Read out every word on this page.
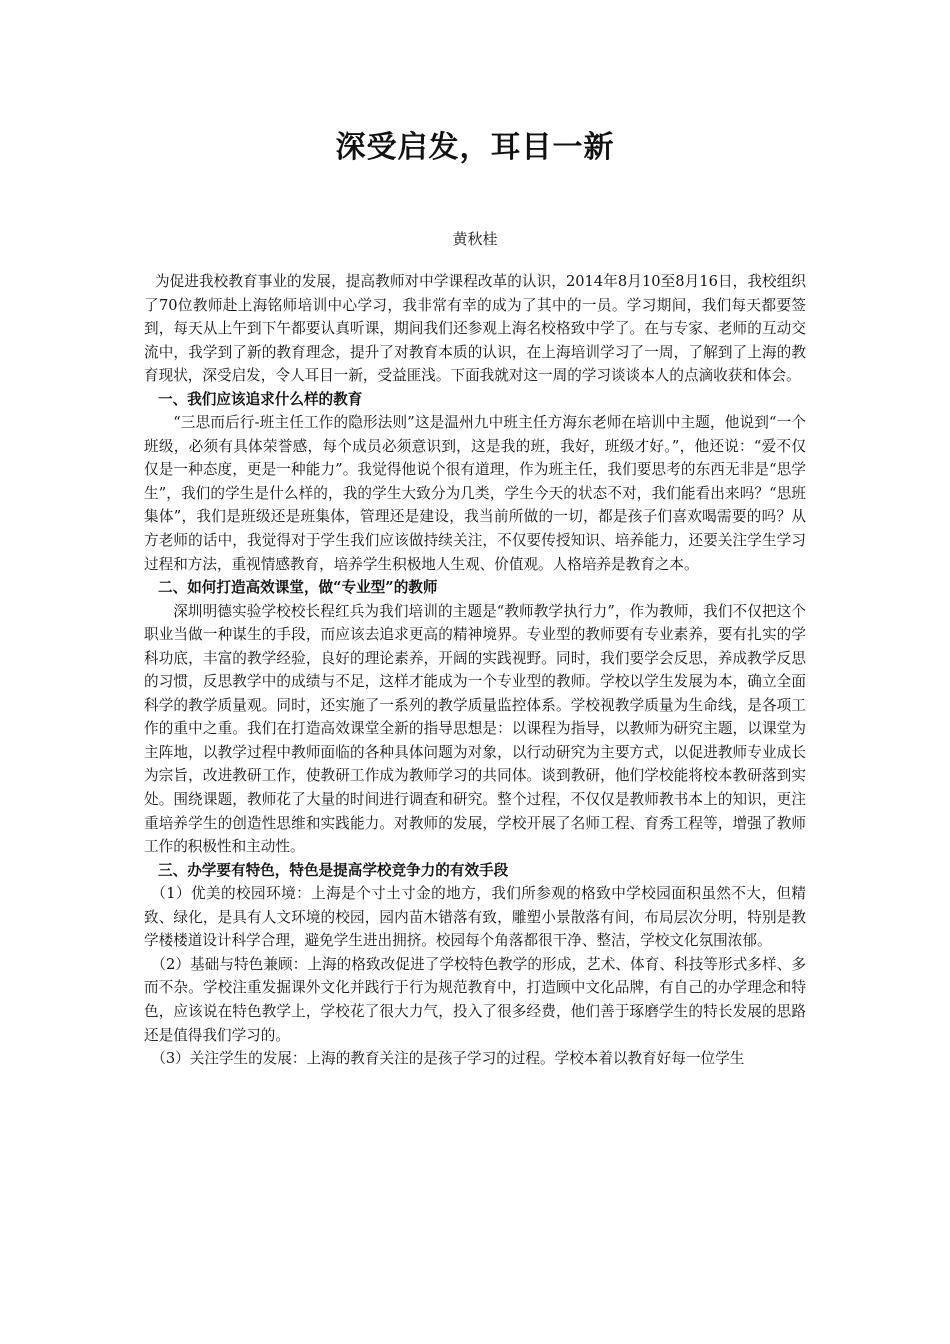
深受启发，耳目一新

黄秋桂

为促进我校教育事业的发展，提高教师对中学课程改革的认识，2014年8月10至8月16日，我校组织了70位教师赴上海铭师培训中心学习，我非常有幸的成为了其中的一员。学习期间，我们每天都要签到，每天从上午到下午都要认真听课，期间我们还参观上海名校格致中学了。在与专家、老师的互动交流中，我学到了新的教育理念，提升了对教育本质的认识，在上海培训学习了一周，了解到了上海的教育现状，深受启发，令人耳目一新，受益匪浅。下面我就对这一周的学习谈谈本人的点滴收获和体会。

一、我们应该追求什么样的教育

“三思而后行-班主任工作的隐形法则”这是温州九中班主任方海东老师在培训中主题，他说到“一个班级，必须有具体荣誉感，每个成员必须意识到，这是我的班，我好，班级才好。”，他还说：“爱不仅仅是一种态度，更是一种能力”。我觉得他说个很有道理，作为班主任，我们要思考的东西无非是“思学生”，我们的学生是什么样的，我的学生大致分为几类，学生今天的状态不对，我们能看出来吗？“思班集体”，我们是班级还是班集体，管理还是建设，我当前所做的一切，都是孩子们喜欢喝需要的吗？从方老师的话中，我觉得对于学生我们应该做持续关注，不仅要传授知识、培养能力，还要关注学生学习过程和方法，重视情感教育，培养学生积极地人生观、价值观。人格培养是教育之本。

二、如何打造高效课堂，做“专业型”的教师

深圳明德实验学校校长程红兵为我们培训的主题是“教师教学执行力”，作为教师，我们不仅把这个职业当做一种谋生的手段，而应该去追求更高的精神境界。专业型的教师要有专业素养，要有扎实的学科功底，丰富的教学经验，良好的理论素养，开阔的实践视野。同时，我们要学会反思，养成教学反思的习惯，反思教学中的成绩与不足，这样才能成为一个专业型的教师。学校以学生发展为本，确立全面科学的教学质量观。同时，还实施了一系列的教学质量监控体系。学校视教学质量为生命线，是各项工作的重中之重。我们在打造高效课堂全新的指导思想是：以课程为指导，以教师为研究主题，以课堂为主阵地，以教学过程中教师面临的各种具体问题为对象，以行动研究为主要方式，以促进教师专业成长为宗旨，改进教研工作，使教研工作成为教师学习的共同体。谈到教研，他们学校能将校本教研落到实处。围绕课题，教师花了大量的时间进行调查和研究。整个过程，不仅仅是教师教书本上的知识，更注重培养学生的创造性思维和实践能力。对教师的发展，学校开展了名师工程、育秀工程等，增强了教师工作的积极性和主动性。

三、办学要有特色，特色是提高学校竞争力的有效手段

（1）优美的校园环境：上海是个寸土寸金的地方，我们所参观的格致中学校园面积虽然不大，但精致、绿化，是具有人文环境的校园，园内苗木错落有致，雕塑小景散落有间，布局层次分明，特别是教学楼楼道设计科学合理，避免学生进出拥挤。校园每个角落都很干净、整洁，学校文化氛围浓郁。

（2）基础与特色兼顾：上海的格致改促进了学校特色教学的形成，艺术、体育、科技等形式多样、多而不杂。学校注重发掘课外文化并践行于行为规范教育中，打造顾中文化品牌，有自己的办学理念和特色，应该说在特色教学上，学校花了很大力气，投入了很多经费，他们善于琢磨学生的特长发展的思路还是值得我们学习的。

（3）关注学生的发展：上海的教育关注的是孩子学习的过程。学校本着以教育好每一位学生
